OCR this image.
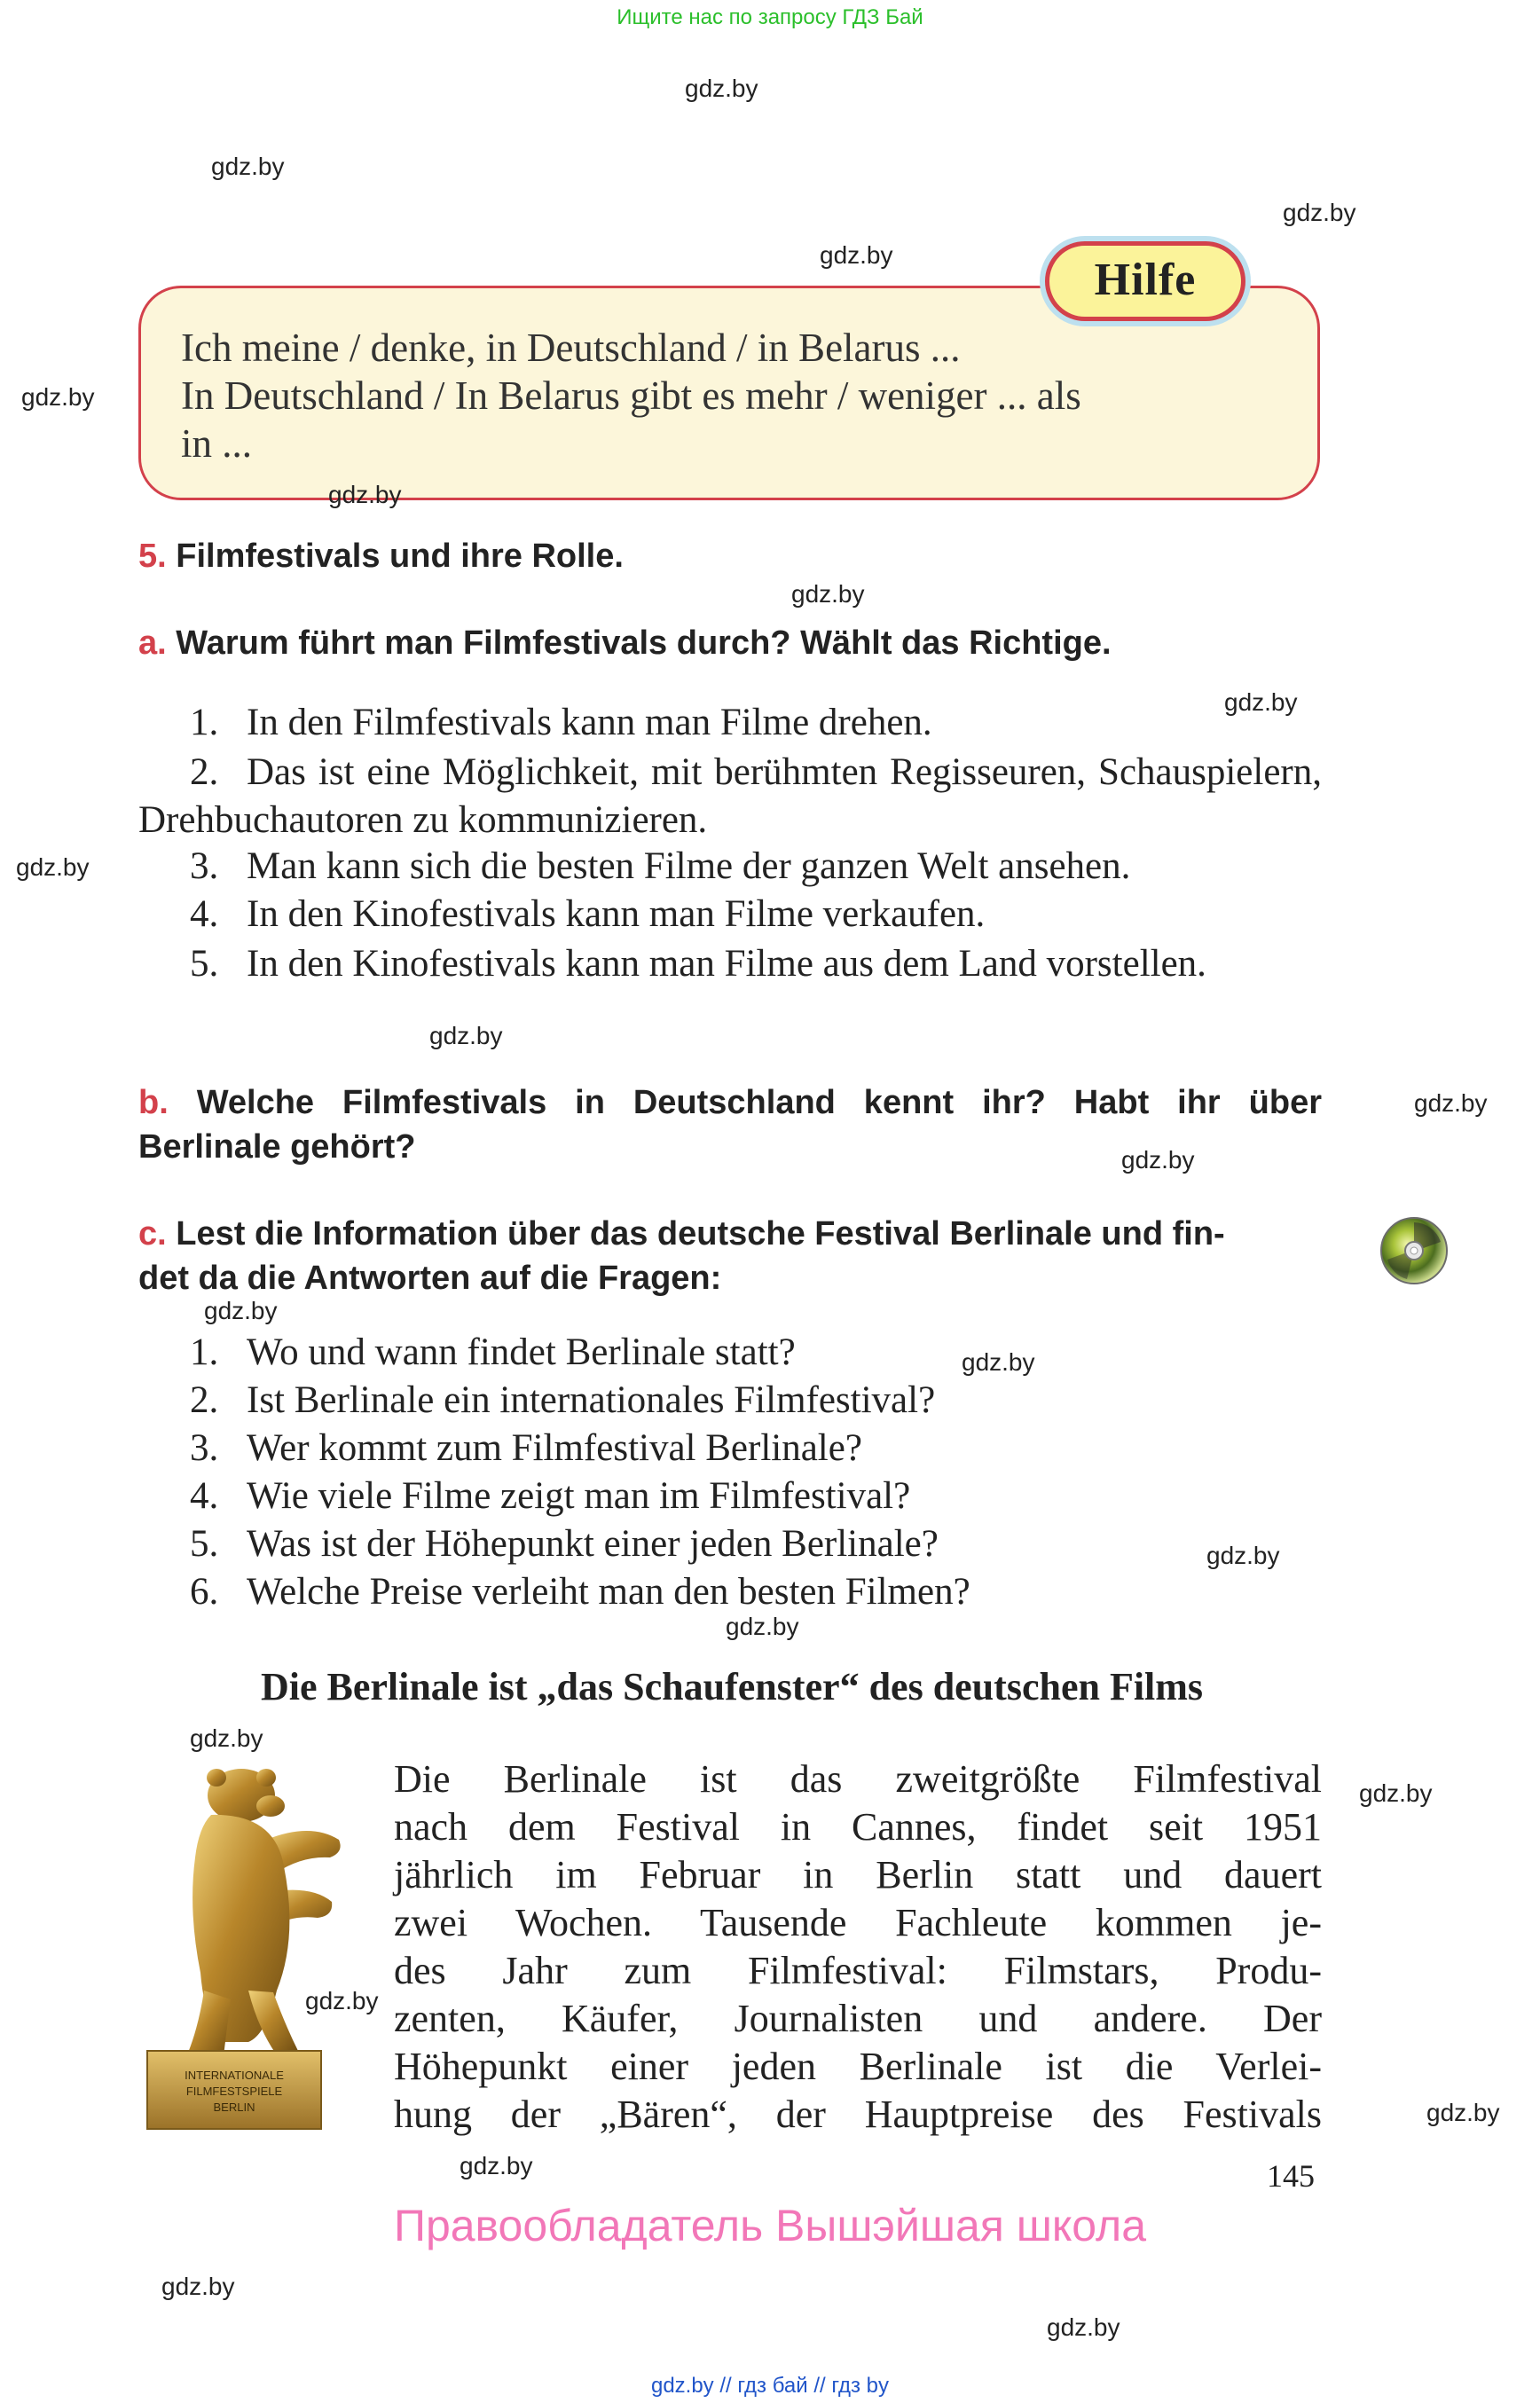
Ищите нас по запросу ГДЗ Бай
gdz.by
gdz.by
gdz.by
gdz.by
gdz.by
Hilfe
Ich meine / denke, in Deutschland / in Belarus ...
In Deutschland / In Belarus gibt es mehr / weniger ... als
in ...
gdz.by
5. Filmfestivals und ihre Rolle.
gdz.by
a. Warum führt man Filmfestivals durch? Wählt das Richtige.
gdz.by
1. In den Filmfestivals kann man Filme drehen.
2. Das ist eine Möglichkeit, mit berühmten Regisseuren, Schauspielern, Drehbuchautoren zu kommunizieren.
gdz.by	3. Man kann sich die besten Filme der ganzen Welt ansehen.
4. In den Kinofestivals kann man Filme verkaufen.
5. In den Kinofestivals kann man Filme aus dem Land vorstellen.
gdz.by
b. Welche Filmfestivals in Deutschland kennt ihr? Habt ihr über
Berlinale gehört?
gdz.by
gdz.by
c. Lest die Information über das deutsche Festival Berlinale und fin-
det da die Antworten auf die Fragen:
gdz.by
gdz.by
1. Wo und wann findet Berlinale statt?
2. Ist Berlinale ein internationales Filmfestival?
3. Wer kommt zum Filmfestival Berlinale?
4. Wie viele Filme zeigt man im Filmfestival?
5. Was ist der Höhepunkt einer jeden Berlinale?	gdz.by
6. Welche Preise verleiht man den besten Filmen?
gdz.by
Die Berlinale ist „das Schaufenster“ des deutschen Films
gdz.by
INTERNATIONALE
FILMFESTSPIELE
BERLIN
gdz.by
Die Berlinale ist das zweitgrößte Filmfestival
nach dem Festival in Cannes, findet seit 1951
jährlich im Februar in Berlin statt und dauert
zwei Wochen. Tausende Fachleute kommen je-
des Jahr zum Filmfestival: Filmstars, Produ-
zenten, Käufer, Journalisten und andere. Der
Höhepunkt einer jeden Berlinale ist die Verlei-
hung der „Bären“, der Hauptpreise des Festivals
gdz.by
gdz.by
gdz.by	145
Правообладатель Вышэйшая школа
gdz.by
gdz.by
gdz.by // гдз бай // гдз by
